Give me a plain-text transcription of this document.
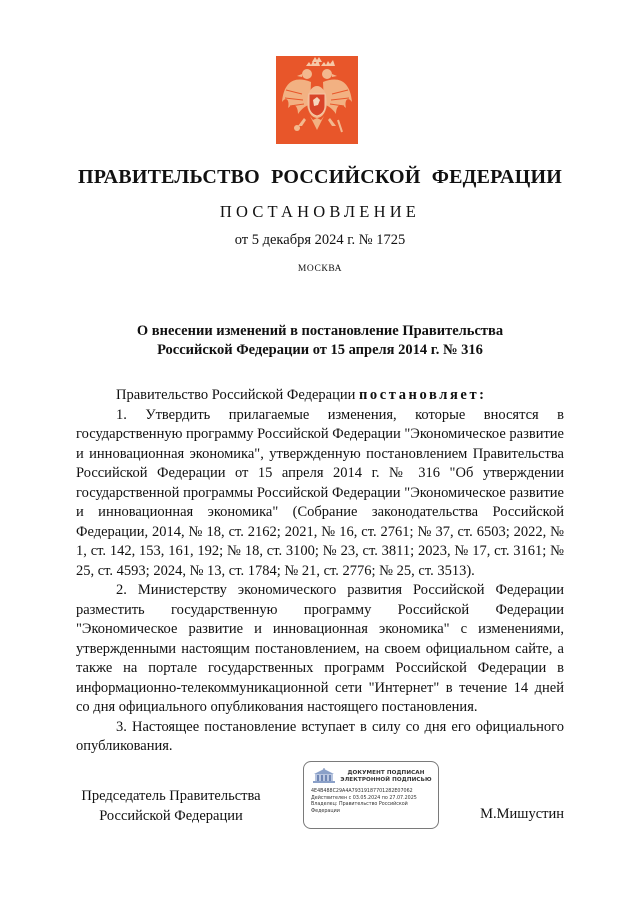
ПРАВИТЕЛЬСТВО РОССИЙСКОЙ ФЕДЕРАЦИИ
ПОСТАНОВЛЕНИЕ
от 5 декабря 2024 г. № 1725
МОСКВА
О внесении изменений в постановление Правительства
Российской Федерации от 15 апреля 2014 г. № 316

Правительство Российской Федерации постановляет:

1. Утвердить прилагаемые изменения, которые вносятся в государственную программу Российской Федерации "Экономическое развитие и инновационная экономика", утвержденную постановлением Правительства Российской Федерации от 15 апреля 2014 г. № 316 "Об утверждении государственной программы Российской Федерации "Экономическое развитие и инновационная экономика" (Собрание законодательства Российской Федерации, 2014, № 18, ст. 2162; 2021, № 16, ст. 2761; № 37, ст. 6503; 2022, № 1, ст. 142, 153, 161, 192; № 18, ст. 3100; № 23, ст. 3811; 2023, № 17, ст. 3161; № 25, ст. 4593; 2024, № 13, ст. 1784; № 21, ст. 2776; № 25, ст. 3513).

2. Министерству экономического развития Российской Федерации разместить государственную программу Российской Федерации "Экономическое развитие и инновационная экономика" с изменениями, утвержденными настоящим постановлением, на своем официальном сайте, а также на портале государственных программ Российской Федерации в информационно-телекоммуникационной сети "Интернет" в течение 14 дней со дня официального опубликования настоящего постановления.

3. Настоящее постановление вступает в силу со дня его официального опубликования.

Председатель Правительства
Российской Федерации
ДОКУМЕНТ ПОДПИСАН
ЭЛЕКТРОННОЙ ПОДПИСЬЮ
4E4B488C29A4A79319187701282E07062
Действителен с 03.05.2024 по 27.07.2025
Владелец: Правительство Российской
Федерации	М.Мишустин
